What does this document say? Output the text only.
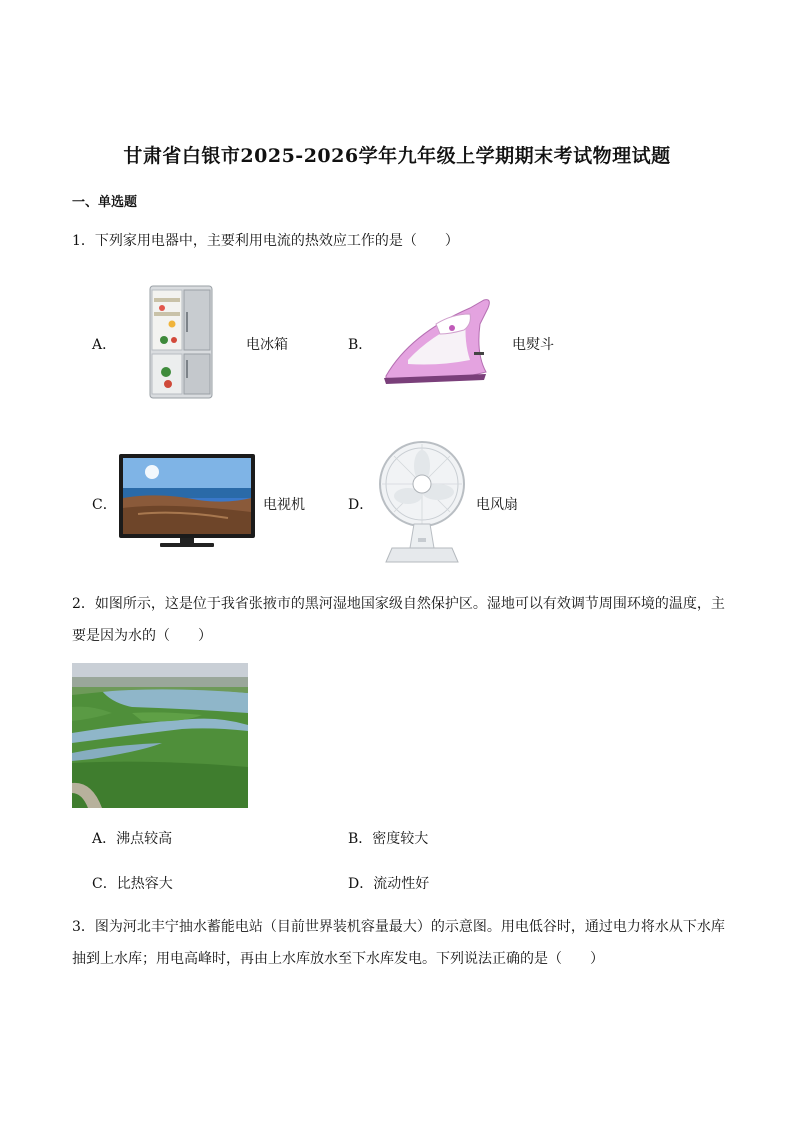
甘肃省白银市2025-2026学年九年级上学期期末考试物理试题
一、单选题
1．下列家用电器中，主要利用电流的热效应工作的是（　　）
A．	电冰箱	B．	电熨斗
C．	电视机	D．	电风扇
2．如图所示，这是位于我省张掖市的黑河湿地国家级自然保护区。湿地可以有效调节周围环境的温度，主
要是因为水的（　　）
A．沸点较高	B．密度较大
C．比热容大	D．流动性好
3．图为河北丰宁抽水蓄能电站（目前世界装机容量最大）的示意图。用电低谷时，通过电力将水从下水库
抽到上水库；用电高峰时，再由上水库放水至下水库发电。下列说法正确的是（　　）
